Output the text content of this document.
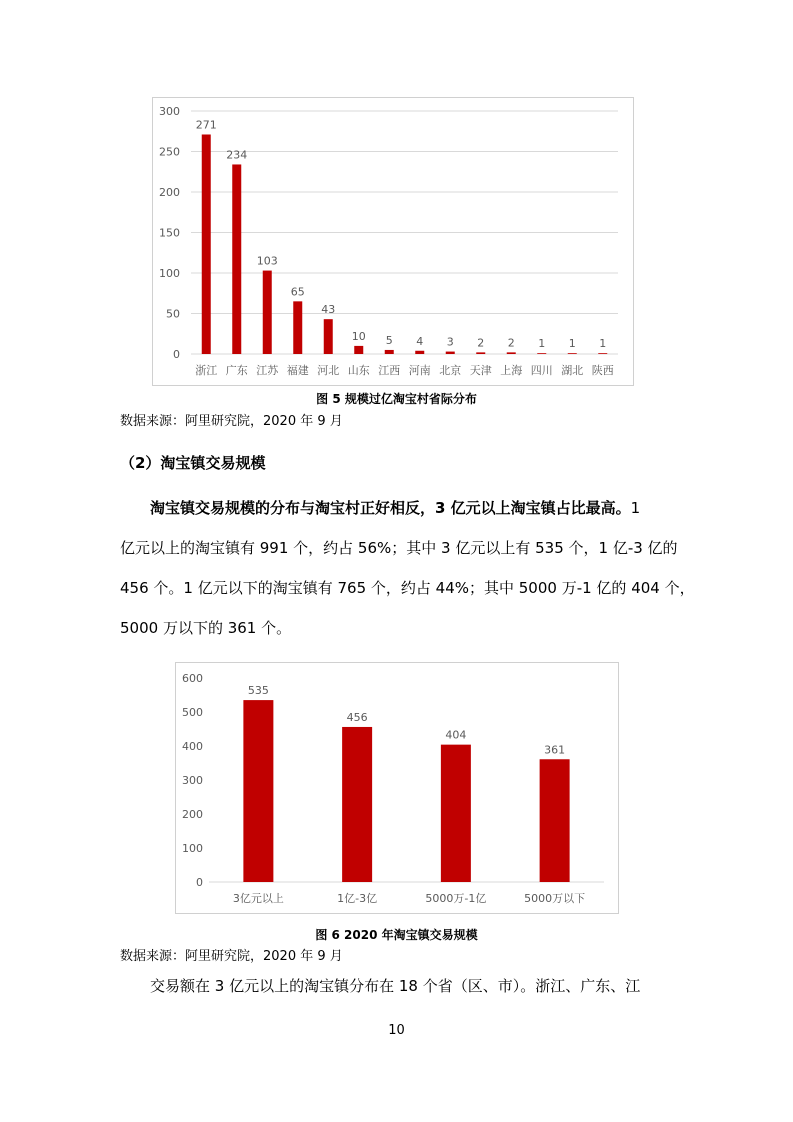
0
50
100
150
200
250
300
271
浙江
234
广东
103
江苏
65
福建
43
河北
10
山东
5
江西
4
河南
3
北京
2
天津
2
上海
1
四川
1
湖北
1
陕西
图 5 规模过亿淘宝村省际分布
数据来源：阿里研究院，2020 年 9 月
（2）淘宝镇交易规模
淘宝镇交易规模的分布与淘宝村正好相反，3 亿元以上淘宝镇占比最高。1
亿元以上的淘宝镇有 991 个，约占 56%；其中 3 亿元以上有 535 个，1 亿-3 亿的
456 个。1 亿元以下的淘宝镇有 765 个，约占 44%；其中 5000 万-1 亿的 404 个，
5000 万以下的 361 个。
0
100
200
300
400
500
600
535
3亿元以上
456
1亿-3亿
404
5000万-1亿
361
5000万以下
图 6 2020 年淘宝镇交易规模
数据来源：阿里研究院，2020 年 9 月
交易额在 3 亿元以上的淘宝镇分布在 18 个省（区、市）。浙江、广东、江
10
